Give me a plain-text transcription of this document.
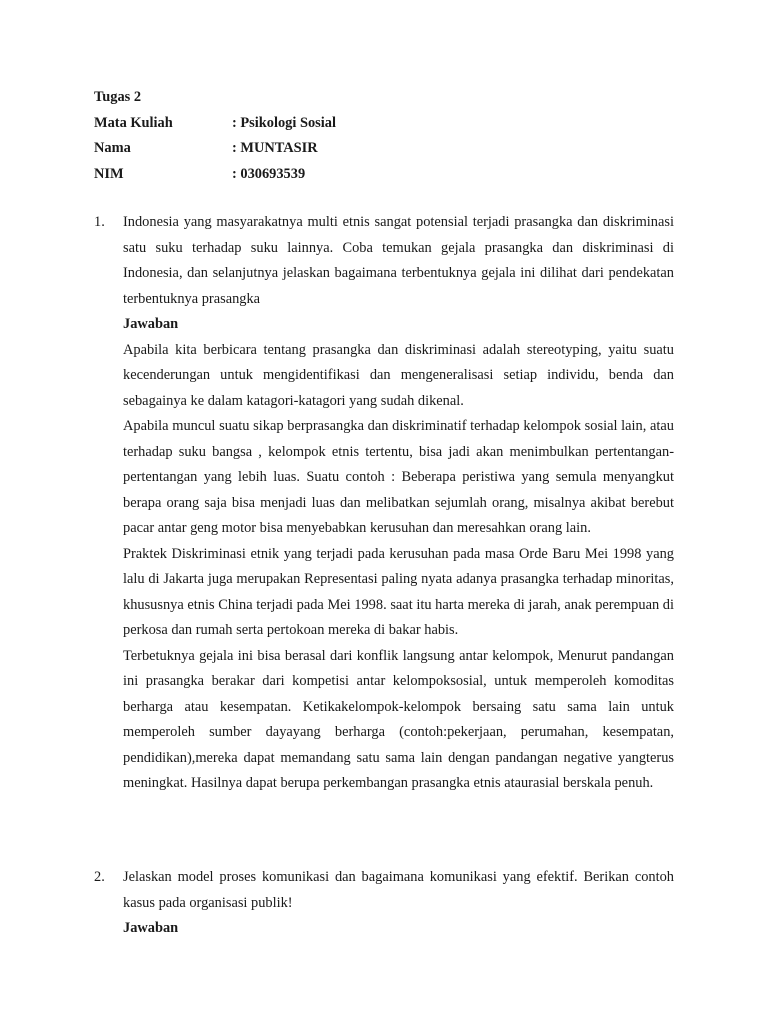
Tugas 2
Mata Kuliah	: Psikologi Sosial
Nama	: MUNTASIR
NIM	: 030693539
1. Indonesia yang masyarakatnya multi etnis sangat potensial terjadi prasangka dan diskriminasi satu suku terhadap suku lainnya. Coba temukan gejala prasangka dan diskriminasi di Indonesia, dan selanjutnya jelaskan bagaimana terbentuknya gejala ini dilihat dari pendekatan terbentuknya prasangka

Jawaban

Apabila kita berbicara tentang prasangka dan diskriminasi adalah stereotyping, yaitu suatu kecenderungan untuk mengidentifikasi dan mengeneralisasi setiap individu, benda dan sebagainya ke dalam katagori-katagori yang sudah dikenal.

Apabila muncul suatu sikap berprasangka dan diskriminatif terhadap kelompok sosial lain, atau terhadap suku bangsa , kelompok etnis tertentu, bisa jadi akan menimbulkan pertentangan-pertentangan yang lebih luas. Suatu contoh : Beberapa peristiwa yang semula menyangkut berapa orang saja bisa menjadi luas dan melibatkan sejumlah orang, misalnya akibat berebut pacar antar geng motor bisa menyebabkan kerusuhan dan meresahkan orang lain.

Praktek Diskriminasi etnik yang terjadi pada kerusuhan pada masa Orde Baru Mei 1998 yang lalu di Jakarta juga merupakan Representasi paling nyata adanya prasangka terhadap minoritas, khususnya etnis China terjadi pada Mei 1998. saat itu harta mereka di jarah, anak perempuan di perkosa dan rumah serta pertokoan mereka di bakar habis.

Terbetuknya gejala ini bisa berasal dari konflik langsung antar kelompok, Menurut pandangan ini prasangka berakar dari kompetisi antar kelompoksosial, untuk memperoleh komoditas berharga atau kesempatan. Ketikakelompok-kelompok bersaing satu sama lain untuk memperoleh sumber dayayang berharga (contoh:pekerjaan, perumahan, kesempatan, pendidikan),mereka dapat memandang satu sama lain dengan pandangan negative yangterus meningkat. Hasilnya dapat berupa perkembangan prasangka etnis ataurasial berskala penuh.

2. Jelaskan model proses komunikasi dan bagaimana komunikasi yang efektif. Berikan contoh kasus pada organisasi publik!

Jawaban
